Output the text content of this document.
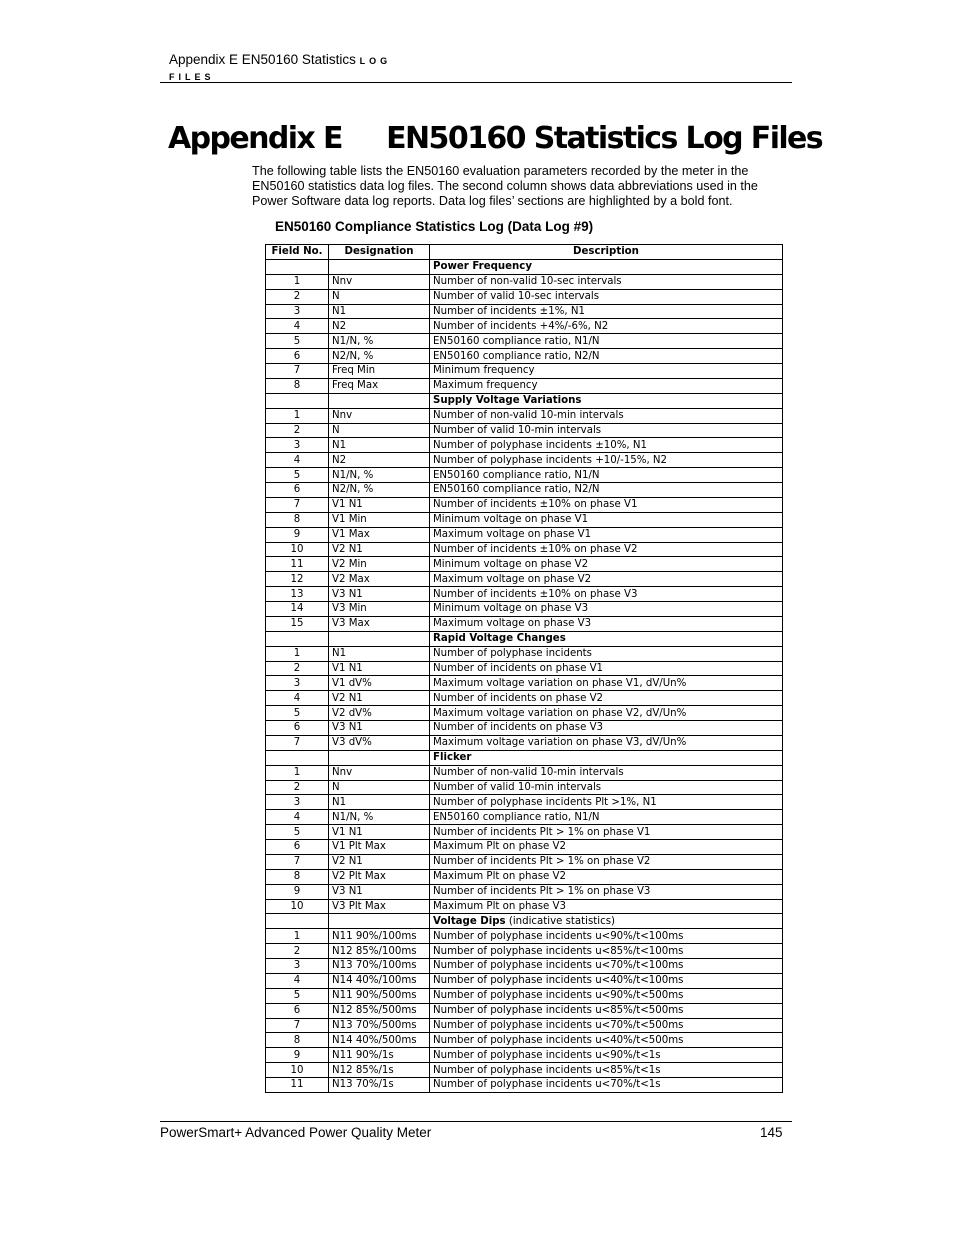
Appendix E EN50160 Statistics LOG
FILES
Appendix E EN50160 Statistics Log Files
The following table lists the EN50160 evaluation parameters recorded by the meter in the EN50160 statistics data log files. The second column shows data abbreviations used in the Power Software data log reports. Data log files’ sections are highlighted by a bold font.
EN50160 Compliance Statistics Log (Data Log #9)
Field No.	Designation	Description
		Power Frequency
1	Nnv	Number of non-valid 10-sec intervals
2	N	Number of valid 10-sec intervals
3	N1	Number of incidents ±1%, N1
4	N2	Number of incidents +4%/-6%, N2
5	N1/N, %	EN50160 compliance ratio, N1/N
6	N2/N, %	EN50160 compliance ratio, N2/N
7	Freq Min	Minimum frequency
8	Freq Max	Maximum frequency
		Supply Voltage Variations
1	Nnv	Number of non-valid 10-min intervals
2	N	Number of valid 10-min intervals
3	N1	Number of polyphase incidents ±10%, N1
4	N2	Number of polyphase incidents +10/-15%, N2
5	N1/N, %	EN50160 compliance ratio, N1/N
6	N2/N, %	EN50160 compliance ratio, N2/N
7	V1 N1	Number of incidents ±10% on phase V1
8	V1 Min	Minimum voltage on phase V1
9	V1 Max	Maximum voltage on phase V1
10	V2 N1	Number of incidents ±10% on phase V2
11	V2 Min	Minimum voltage on phase V2
12	V2 Max	Maximum voltage on phase V2
13	V3 N1	Number of incidents ±10% on phase V3
14	V3 Min	Minimum voltage on phase V3
15	V3 Max	Maximum voltage on phase V3
		Rapid Voltage Changes
1	N1	Number of polyphase incidents
2	V1 N1	Number of incidents on phase V1
3	V1 dV%	Maximum voltage variation on phase V1, dV/Un%
4	V2 N1	Number of incidents on phase V2
5	V2 dV%	Maximum voltage variation on phase V2, dV/Un%
6	V3 N1	Number of incidents on phase V3
7	V3 dV%	Maximum voltage variation on phase V3, dV/Un%
		Flicker
1	Nnv	Number of non-valid 10-min intervals
2	N	Number of valid 10-min intervals
3	N1	Number of polyphase incidents Plt >1%, N1
4	N1/N, %	EN50160 compliance ratio, N1/N
5	V1 N1	Number of incidents Plt > 1% on phase V1
6	V1 Plt Max	Maximum Plt on phase V2
7	V2 N1	Number of incidents Plt > 1% on phase V2
8	V2 Plt Max	Maximum Plt on phase V2
9	V3 N1	Number of incidents Plt > 1% on phase V3
10	V3 Plt Max	Maximum Plt on phase V3
		Voltage Dips (indicative statistics)
1	N11 90%/100ms	Number of polyphase incidents u<90%/t<100ms
2	N12 85%/100ms	Number of polyphase incidents u<85%/t<100ms
3	N13 70%/100ms	Number of polyphase incidents u<70%/t<100ms
4	N14 40%/100ms	Number of polyphase incidents u<40%/t<100ms
5	N11 90%/500ms	Number of polyphase incidents u<90%/t<500ms
6	N12 85%/500ms	Number of polyphase incidents u<85%/t<500ms
7	N13 70%/500ms	Number of polyphase incidents u<70%/t<500ms
8	N14 40%/500ms	Number of polyphase incidents u<40%/t<500ms
9	N11 90%/1s	Number of polyphase incidents u<90%/t<1s
10	N12 85%/1s	Number of polyphase incidents u<85%/t<1s
11	N13 70%/1s	Number of polyphase incidents u<70%/t<1s
PowerSmart+ Advanced Power Quality Meter	145
